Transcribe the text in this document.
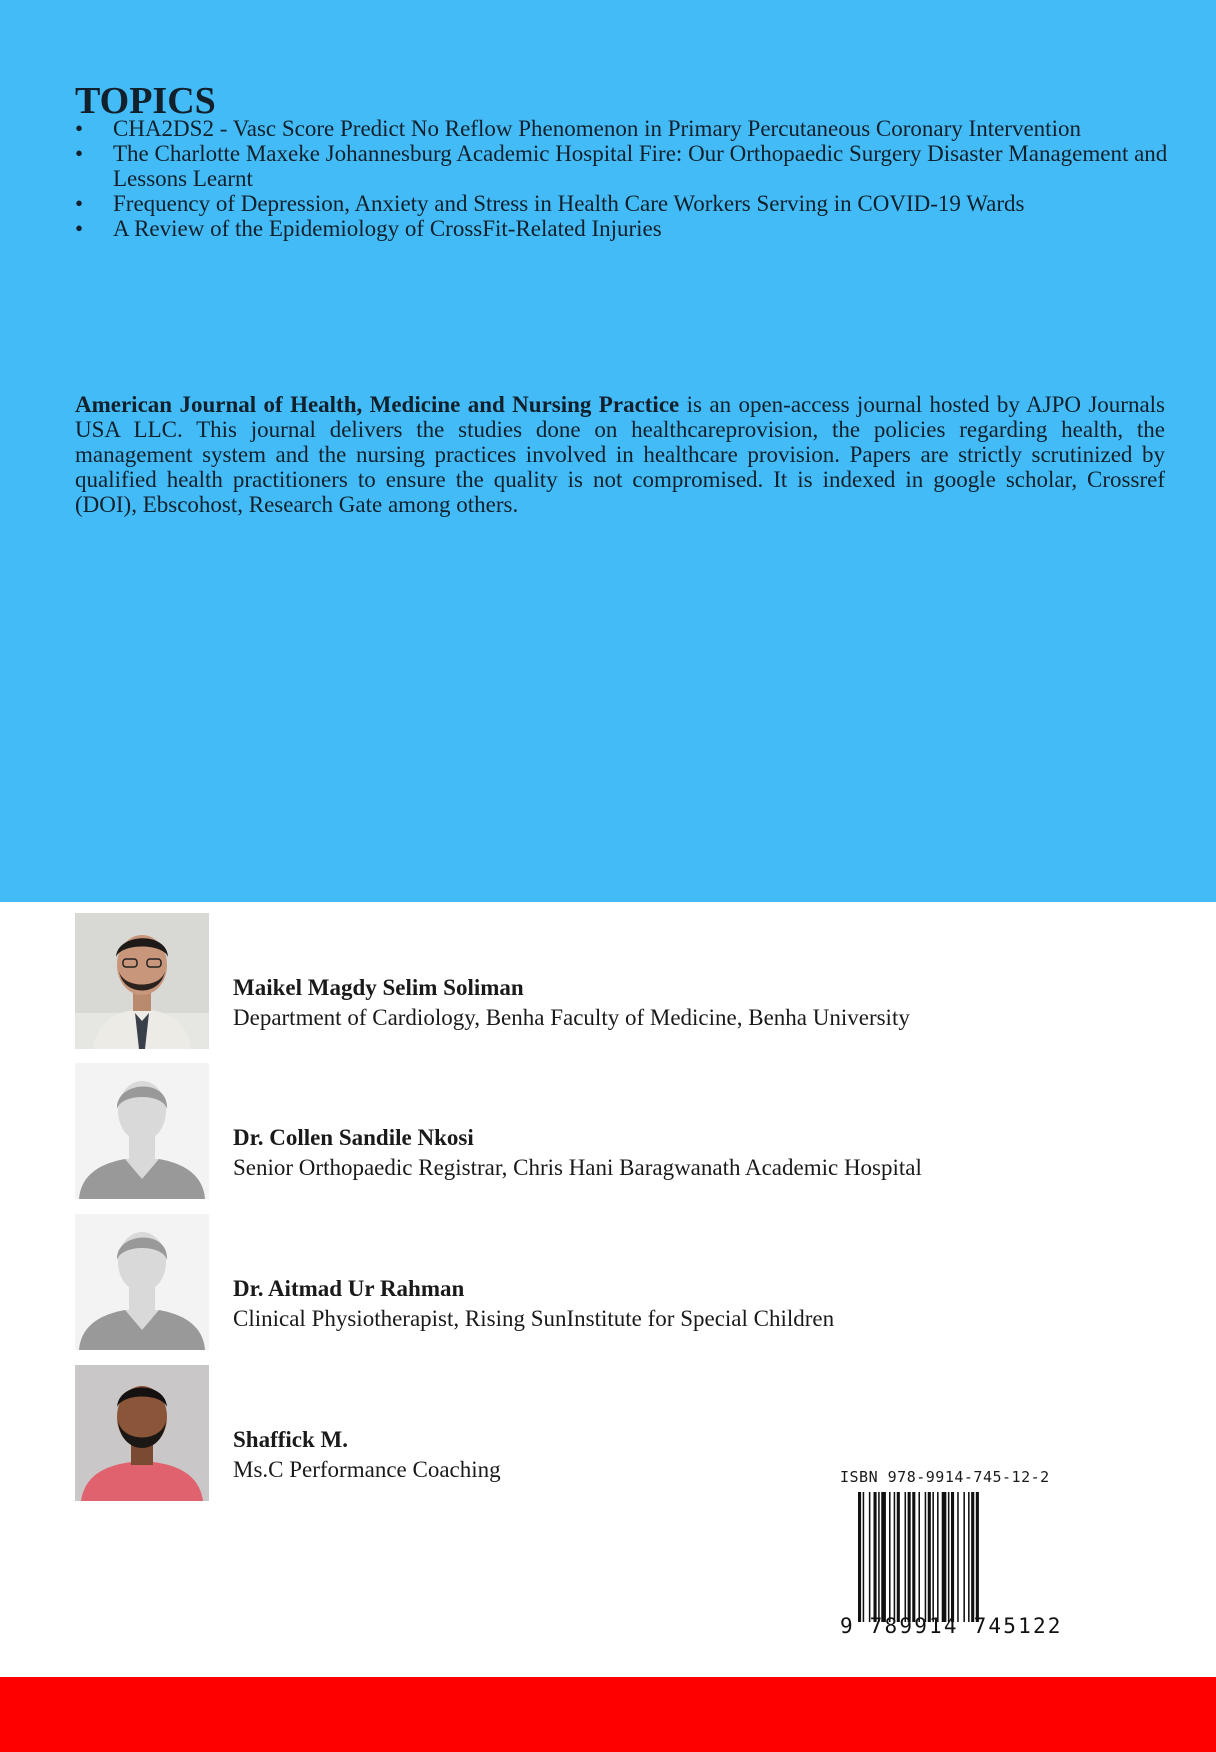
TOPICS
•	CHA2DS2 - Vasc Score Predict No Reflow Phenomenon in Primary Percutaneous Coronary Intervention
•	The Charlotte Maxeke Johannesburg Academic Hospital Fire: Our Orthopaedic Surgery Disaster Management and Lessons Learnt
•	Frequency of Depression, Anxiety and Stress in Health Care Workers Serving in COVID-19 Wards
•	A Review of the Epidemiology of CrossFit-Related Injuries

American Journal of Health, Medicine and Nursing Practice is an open-access journal hosted by AJPO Journals USA LLC. This journal delivers the studies done on healthcareprovision, the policies regarding health, the management system and the nursing practices involved in healthcare provision. Papers are strictly scrutinized by qualified health practitioners to ensure the quality is not compromised. It is indexed in google scholar, Crossref (DOI), Ebscohost, Research Gate among others.

Maikel Magdy Selim Soliman
Department of Cardiology, Benha Faculty of Medicine, Benha University
Dr. Collen Sandile Nkosi
Senior Orthopaedic Registrar, Chris Hani Baragwanath Academic Hospital
Dr. Aitmad Ur Rahman
Clinical Physiotherapist, Rising SunInstitute for Special Children
Shaffick M.
Ms.C Performance Coaching	ISBN 978-9914-745-12-2
9 789914 745122
